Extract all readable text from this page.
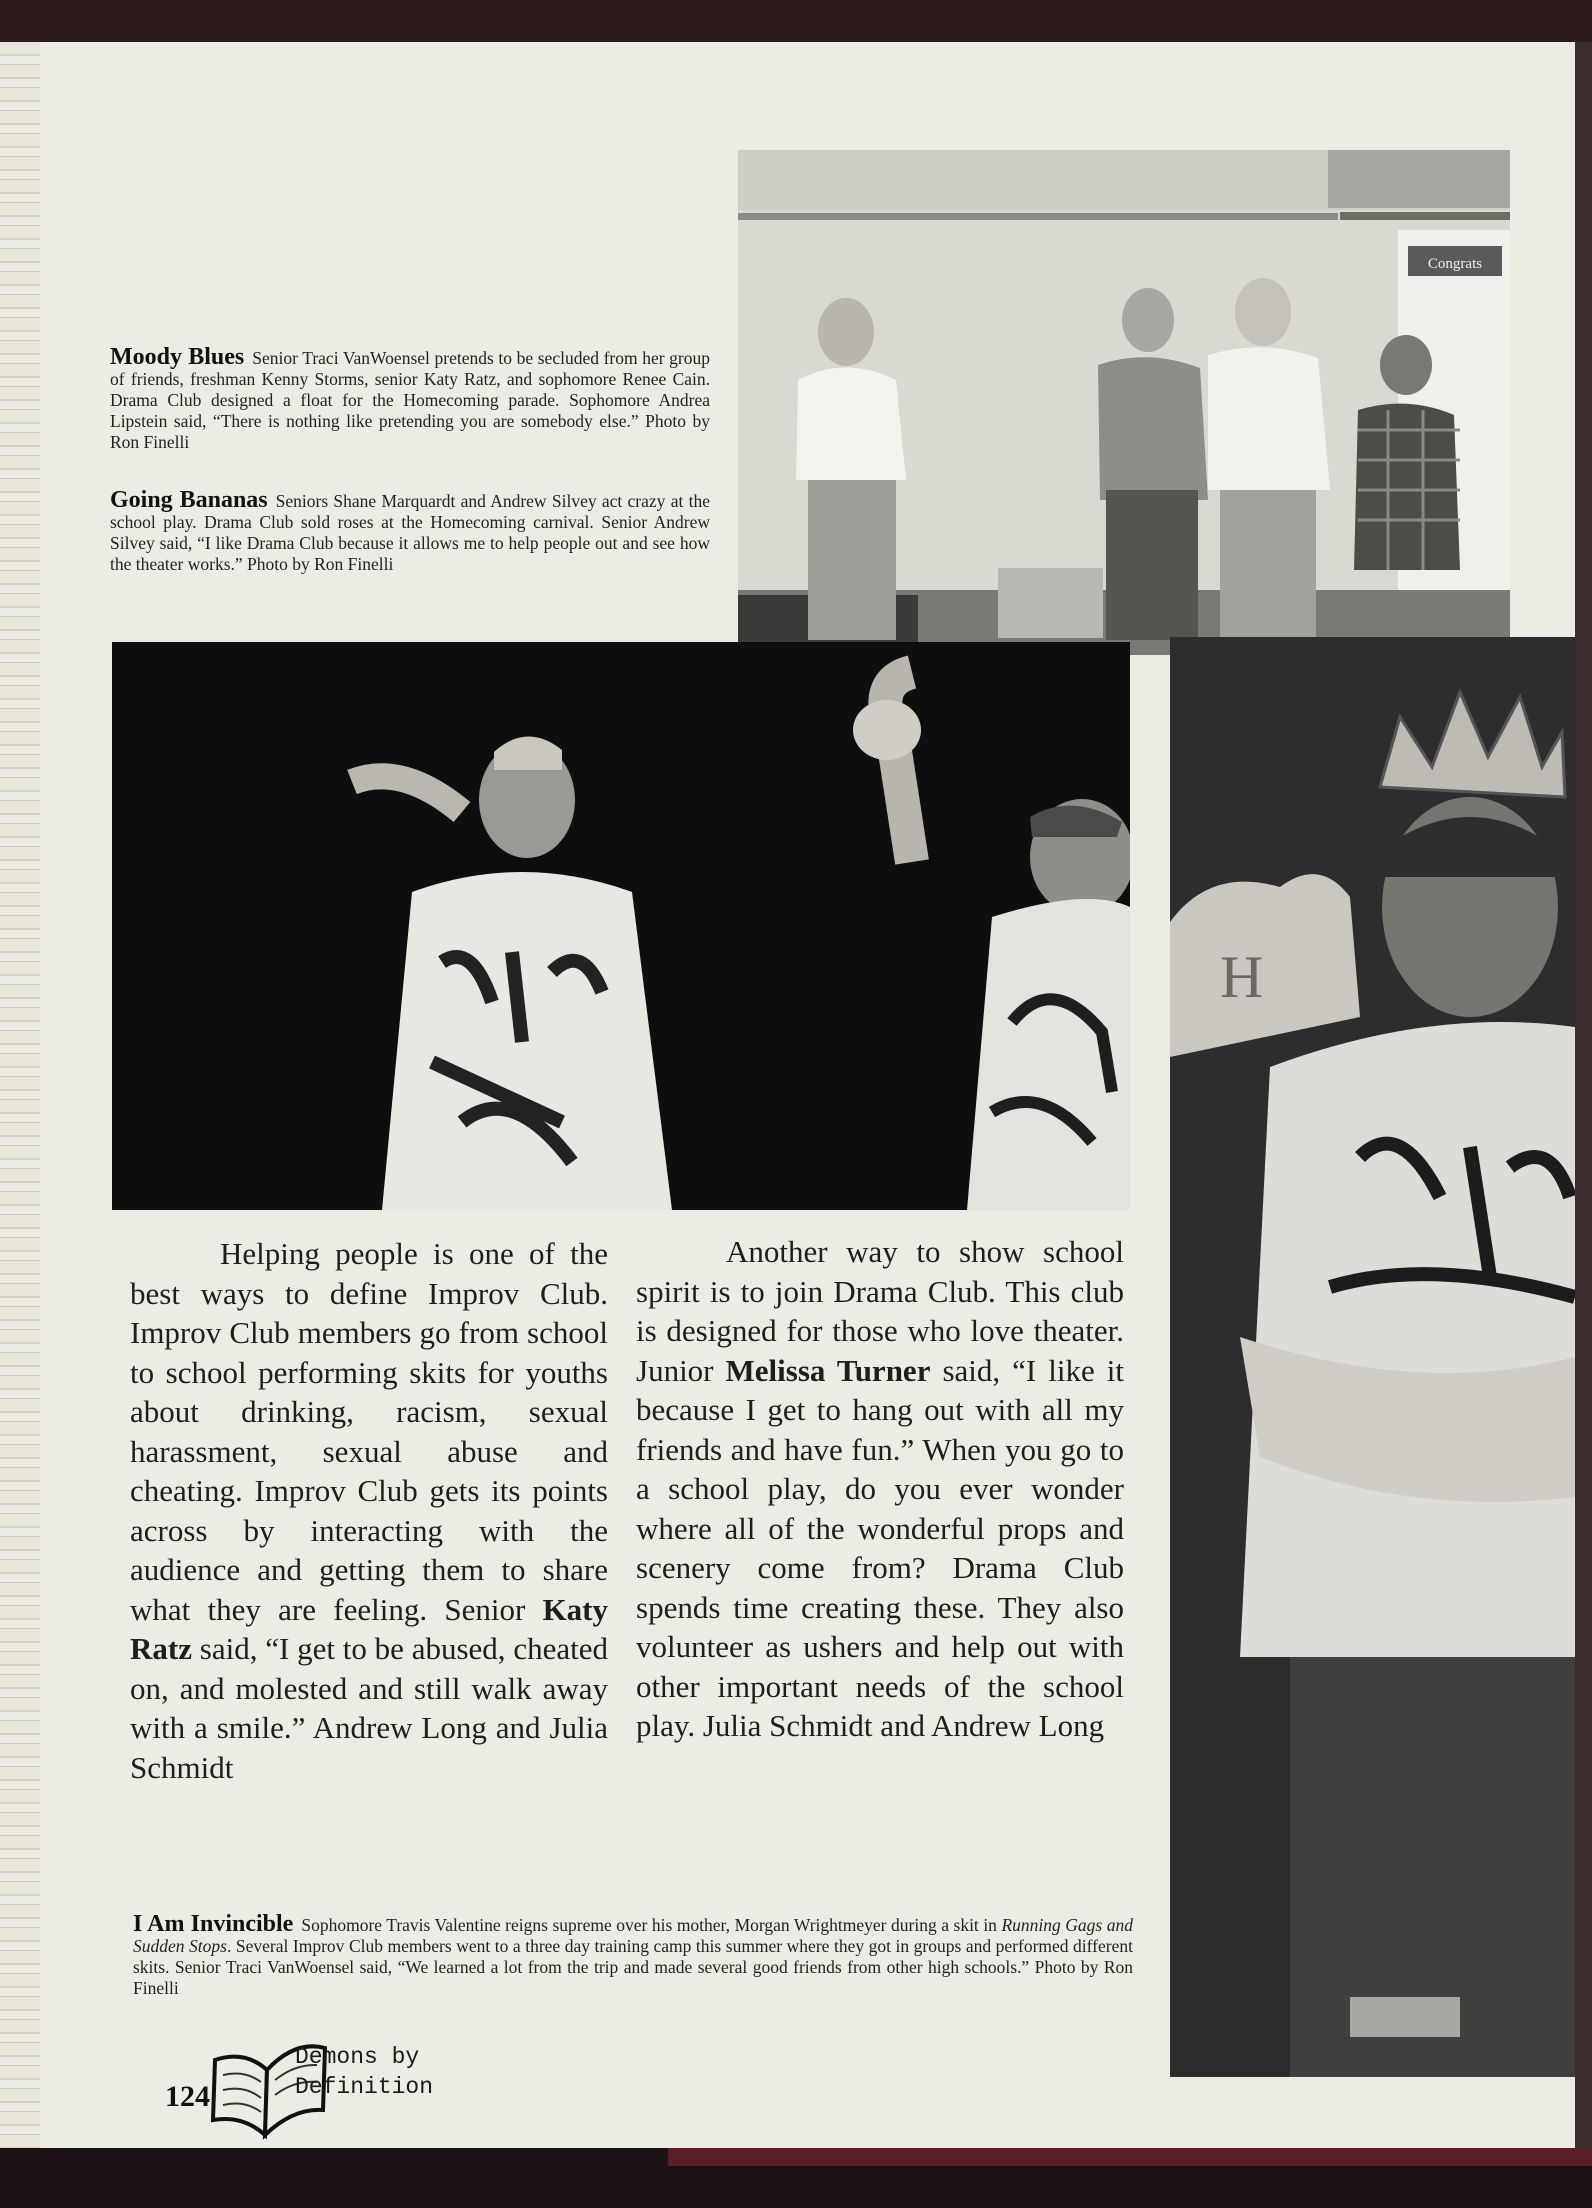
Congrats
Moody Blues Senior Traci VanWoensel pretends to be secluded from her group of friends, freshman Kenny Storms, senior Katy Ratz, and sophomore Renee Cain. Drama Club designed a float for the Homecoming parade. Sophomore Andrea Lipstein said, “There is nothing like pretending you are somebody else.” Photo by Ron Finelli
Going Bananas Seniors Shane Marquardt and Andrew Silvey act crazy at the school play. Drama Club sold roses at the Homecoming carnival. Senior Andrew Silvey said, “I like Drama Club because it allows me to help people out and see how the theater works.” Photo by Ron Finelli
H
Helping people is one of the best ways to define Improv Club. Improv Club members go from school to school performing skits for youths about drinking, racism, sexual harassment, sexual abuse and cheating. Improv Club gets its points across by interacting with the audience and getting them to share what they are feeling. Senior Katy Ratz said, “I get to be abused, cheated on, and molested and still walk away with a smile.” Andrew Long and Julia Schmidt
Another way to show school spirit is to join Drama Club. This club is designed for those who love theater. Junior Melissa Turner said, “I like it because I get to hang out with all my friends and have fun.” When you go to a school play, do you ever wonder where all of the wonderful props and scenery come from? Drama Club spends time creating these. They also volunteer as ushers and help out with other important needs of the school play. Julia Schmidt and Andrew Long
I Am Invincible Sophomore Travis Valentine reigns supreme over his mother, Morgan Wrightmeyer during a skit in Running Gags and Sudden Stops. Several Improv Club members went to a three day training camp this summer where they got in groups and performed different skits. Senior Traci VanWoensel said, “We learned a lot from the trip and made several good friends from other high schools.” Photo by Ron Finelli
124
Demons by
Definition
